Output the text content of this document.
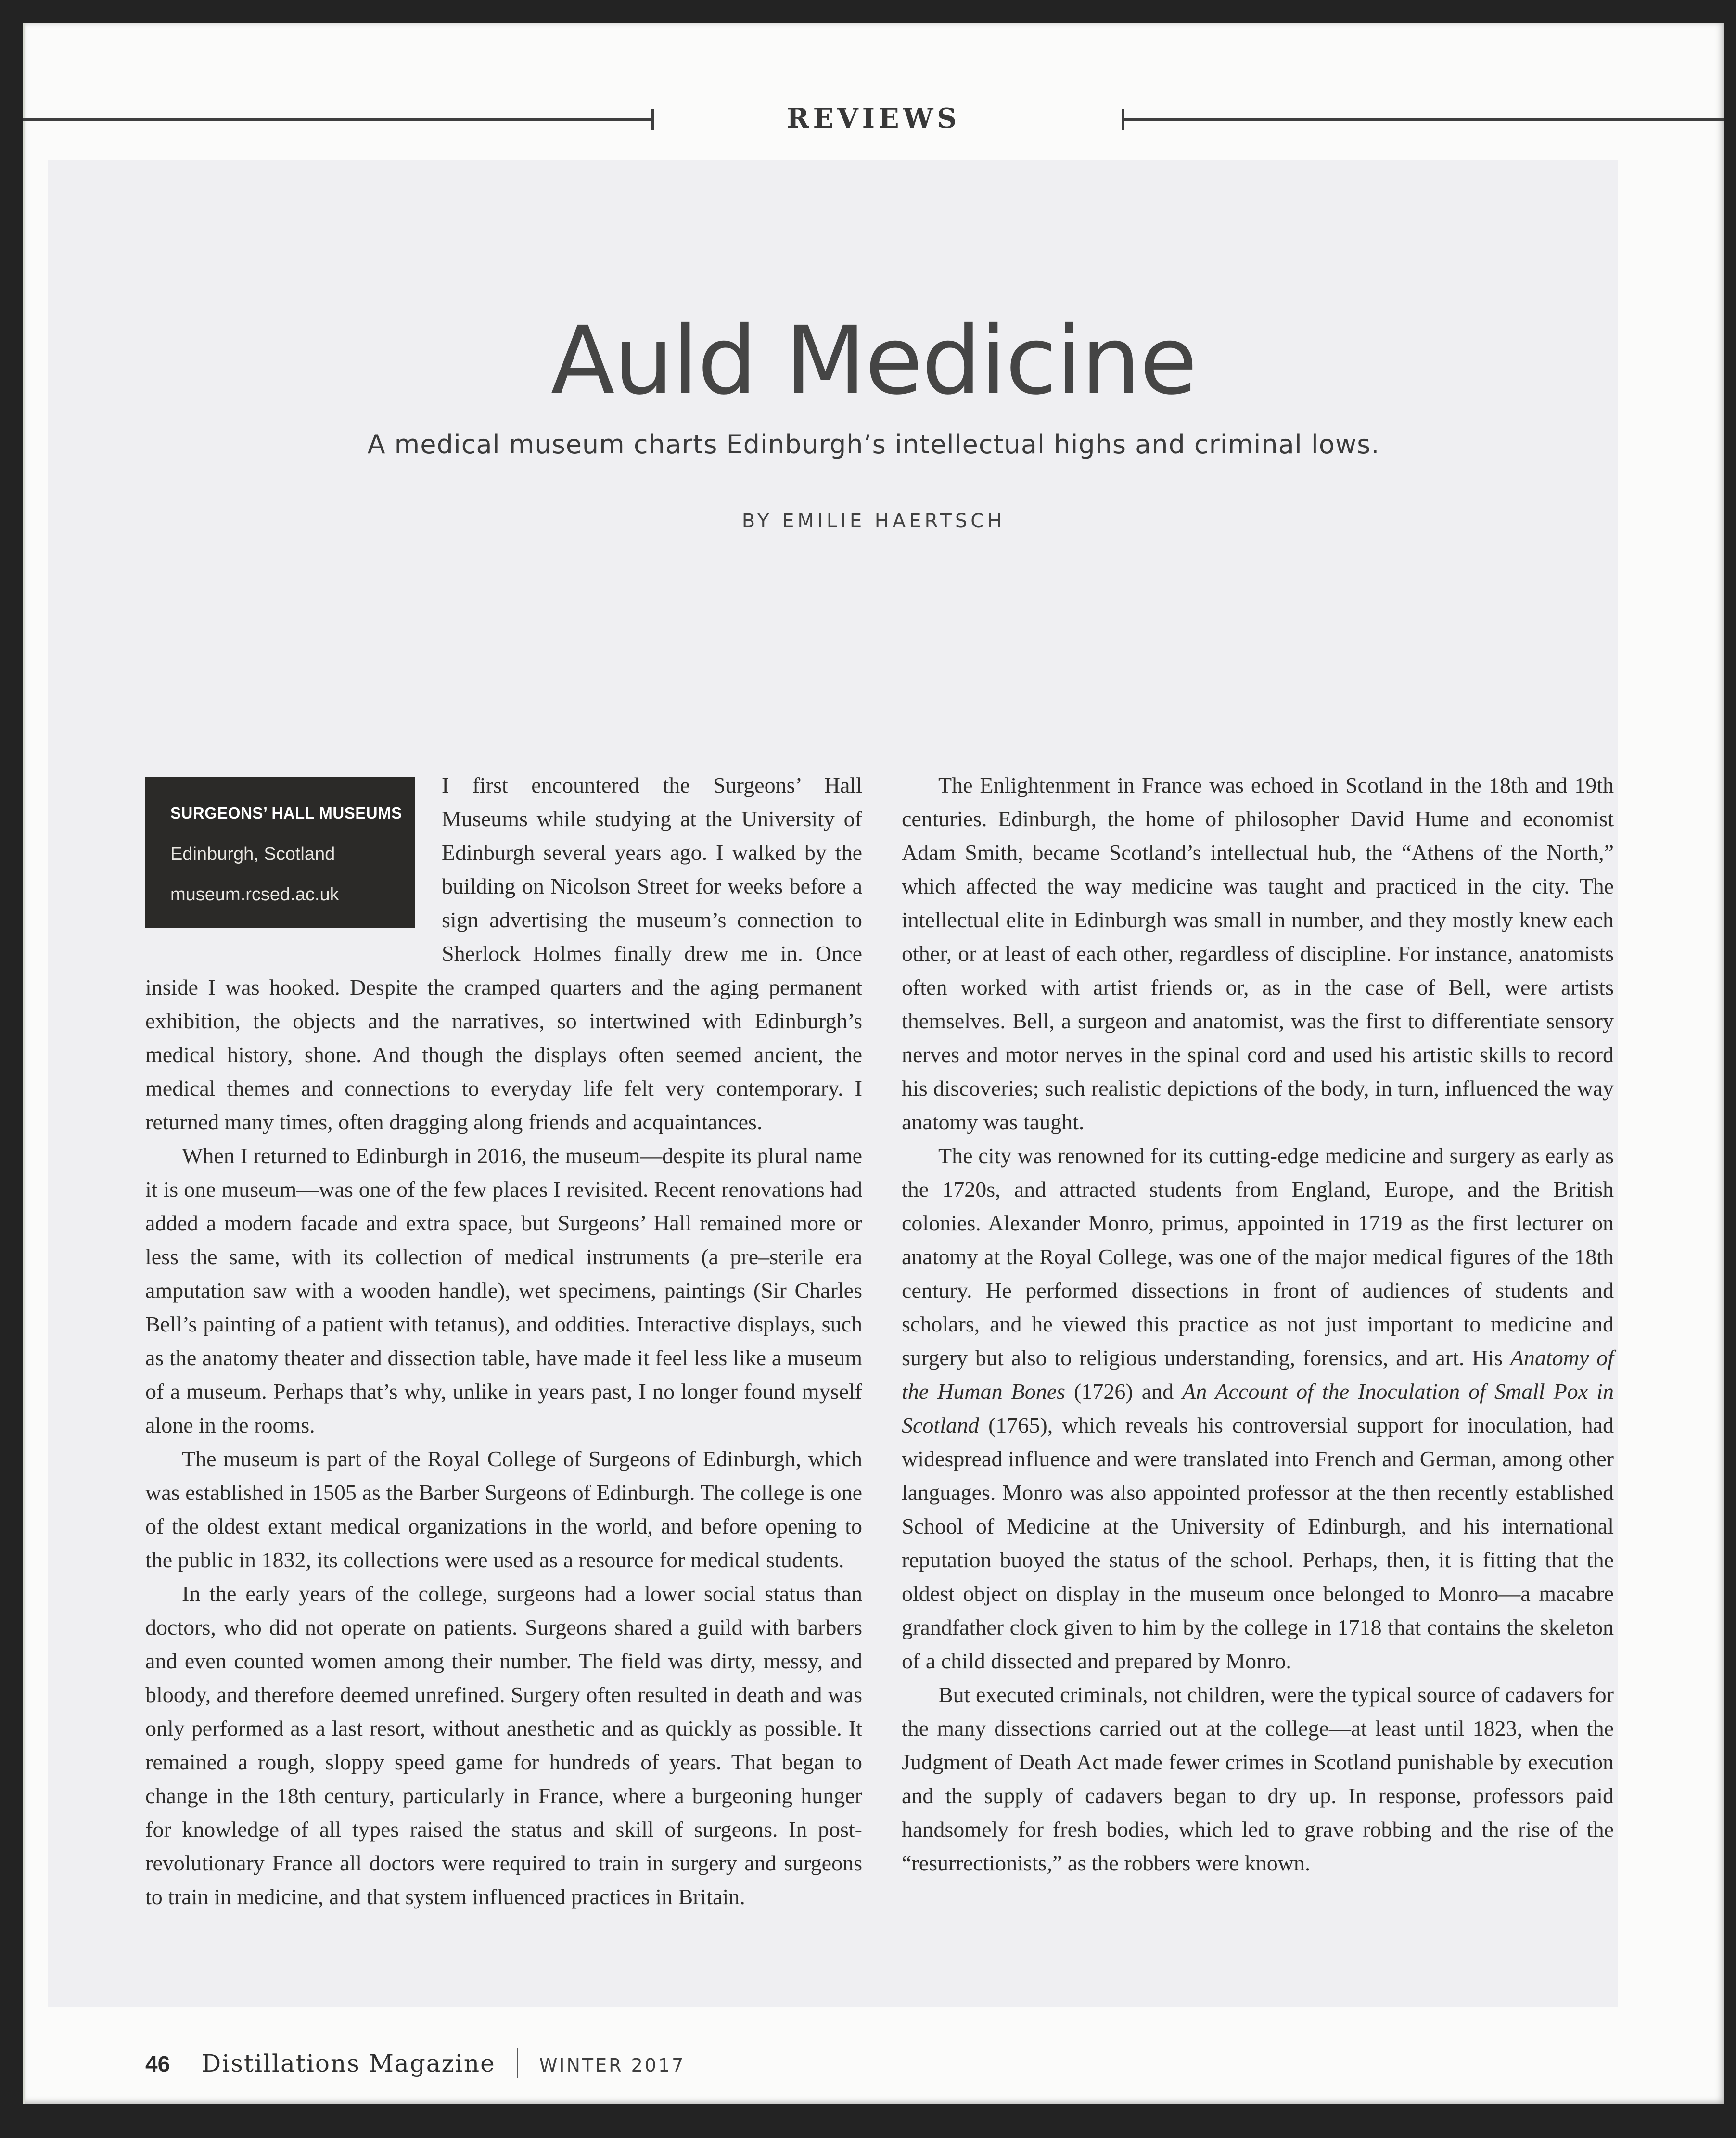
REVIEWS
Auld Medicine
A medical museum charts Edinburgh’s intellectual highs and criminal lows.
BY EMILIE HAERTSCH
SURGEONS’ HALL MUSEUMS
Edinburgh, Scotland
museum.rcsed.ac.uk

I first encountered the Surgeons’ Hall Museums while studying at the University of Edinburgh several years ago. I walked by the building on Nicolson Street for weeks before a sign advertising the museum’s connection to Sherlock Holmes finally drew me in. Once inside I was hooked. Despite the cramped quarters and the aging permanent exhibition, the objects and the narratives, so intertwined with Edinburgh’s medical history, shone. And though the displays often seemed ancient, the medical themes and connections to everyday life felt very contemporary. I returned many times, often dragging along friends and acquaintances.

When I returned to Edinburgh in 2016, the museum—despite its plural name it is one museum—was one of the few places I revisited. Recent renovations had added a modern facade and extra space, but Surgeons’ Hall remained more or less the same, with its collection of medical instruments (a pre–sterile era amputation saw with a wooden handle), wet specimens, paintings (Sir Charles Bell’s painting of a patient with tetanus), and oddities. Interactive displays, such as the anatomy theater and dissection table, have made it feel less like a museum of a museum. Perhaps that’s why, unlike in years past, I no longer found myself alone in the rooms.

The museum is part of the Royal College of Surgeons of Edinburgh, which was established in 1505 as the Barber Surgeons of Edinburgh. The college is one of the oldest extant medical organizations in the world, and before opening to the public in 1832, its collections were used as a resource for medical students.

In the early years of the college, surgeons had a lower social status than doctors, who did not operate on patients. Surgeons shared a guild with barbers and even counted women among their number. The field was dirty, messy, and bloody, and therefore deemed unrefined. Surgery often resulted in death and was only performed as a last resort, without anesthetic and as quickly as possible. It remained a rough, sloppy speed game for hundreds of years. That began to change in the 18th century, particularly in France, where a burgeoning hunger for knowledge of all types raised the status and skill of surgeons. In post-revolutionary France all doctors were required to train in surgery and surgeons to train in medicine, and that system influenced practices in Britain.

The Enlightenment in France was echoed in Scotland in the 18th and 19th centuries. Edinburgh, the home of philosopher David Hume and economist Adam Smith, became Scotland’s intellectual hub, the “Athens of the North,” which affected the way medicine was taught and practiced in the city. The intellectual elite in Edinburgh was small in number, and they mostly knew each other, or at least of each other, regardless of discipline. For instance, anatomists often worked with artist friends or, as in the case of Bell, were artists themselves. Bell, a surgeon and anatomist, was the first to differentiate sensory nerves and motor nerves in the spinal cord and used his artistic skills to record his discoveries; such realistic depictions of the body, in turn, influenced the way anatomy was taught.

The city was renowned for its cutting-edge medicine and surgery as early as the 1720s, and attracted students from England, Europe, and the British colonies. Alexander Monro, primus, appointed in 1719 as the first lecturer on anatomy at the Royal College, was one of the major medical figures of the 18th century. He performed dissections in front of audiences of students and scholars, and he viewed this practice as not just important to medicine and surgery but also to religious understanding, forensics, and art. His Anatomy of the Human Bones (1726) and An Account of the Inoculation of Small Pox in Scotland (1765), which reveals his controversial support for inoculation, had widespread influence and were translated into French and German, among other languages. Monro was also appointed professor at the then recently established School of Medicine at the University of Edinburgh, and his international reputation buoyed the status of the school. Perhaps, then, it is fitting that the oldest object on display in the museum once belonged to Monro—a macabre grandfather clock given to him by the college in 1718 that contains the skeleton of a child dissected and prepared by Monro.

But executed criminals, not children, were the typical source of cadavers for the many dissections carried out at the college—at least until 1823, when the Judgment of Death Act made fewer crimes in Scotland punishable by execution and the supply of cadavers began to dry up. In response, professors paid handsomely for fresh bodies, which led to grave robbing and the rise of the “resurrectionists,” as the robbers were known.

46 Distillations Magazine WINTER 2017
